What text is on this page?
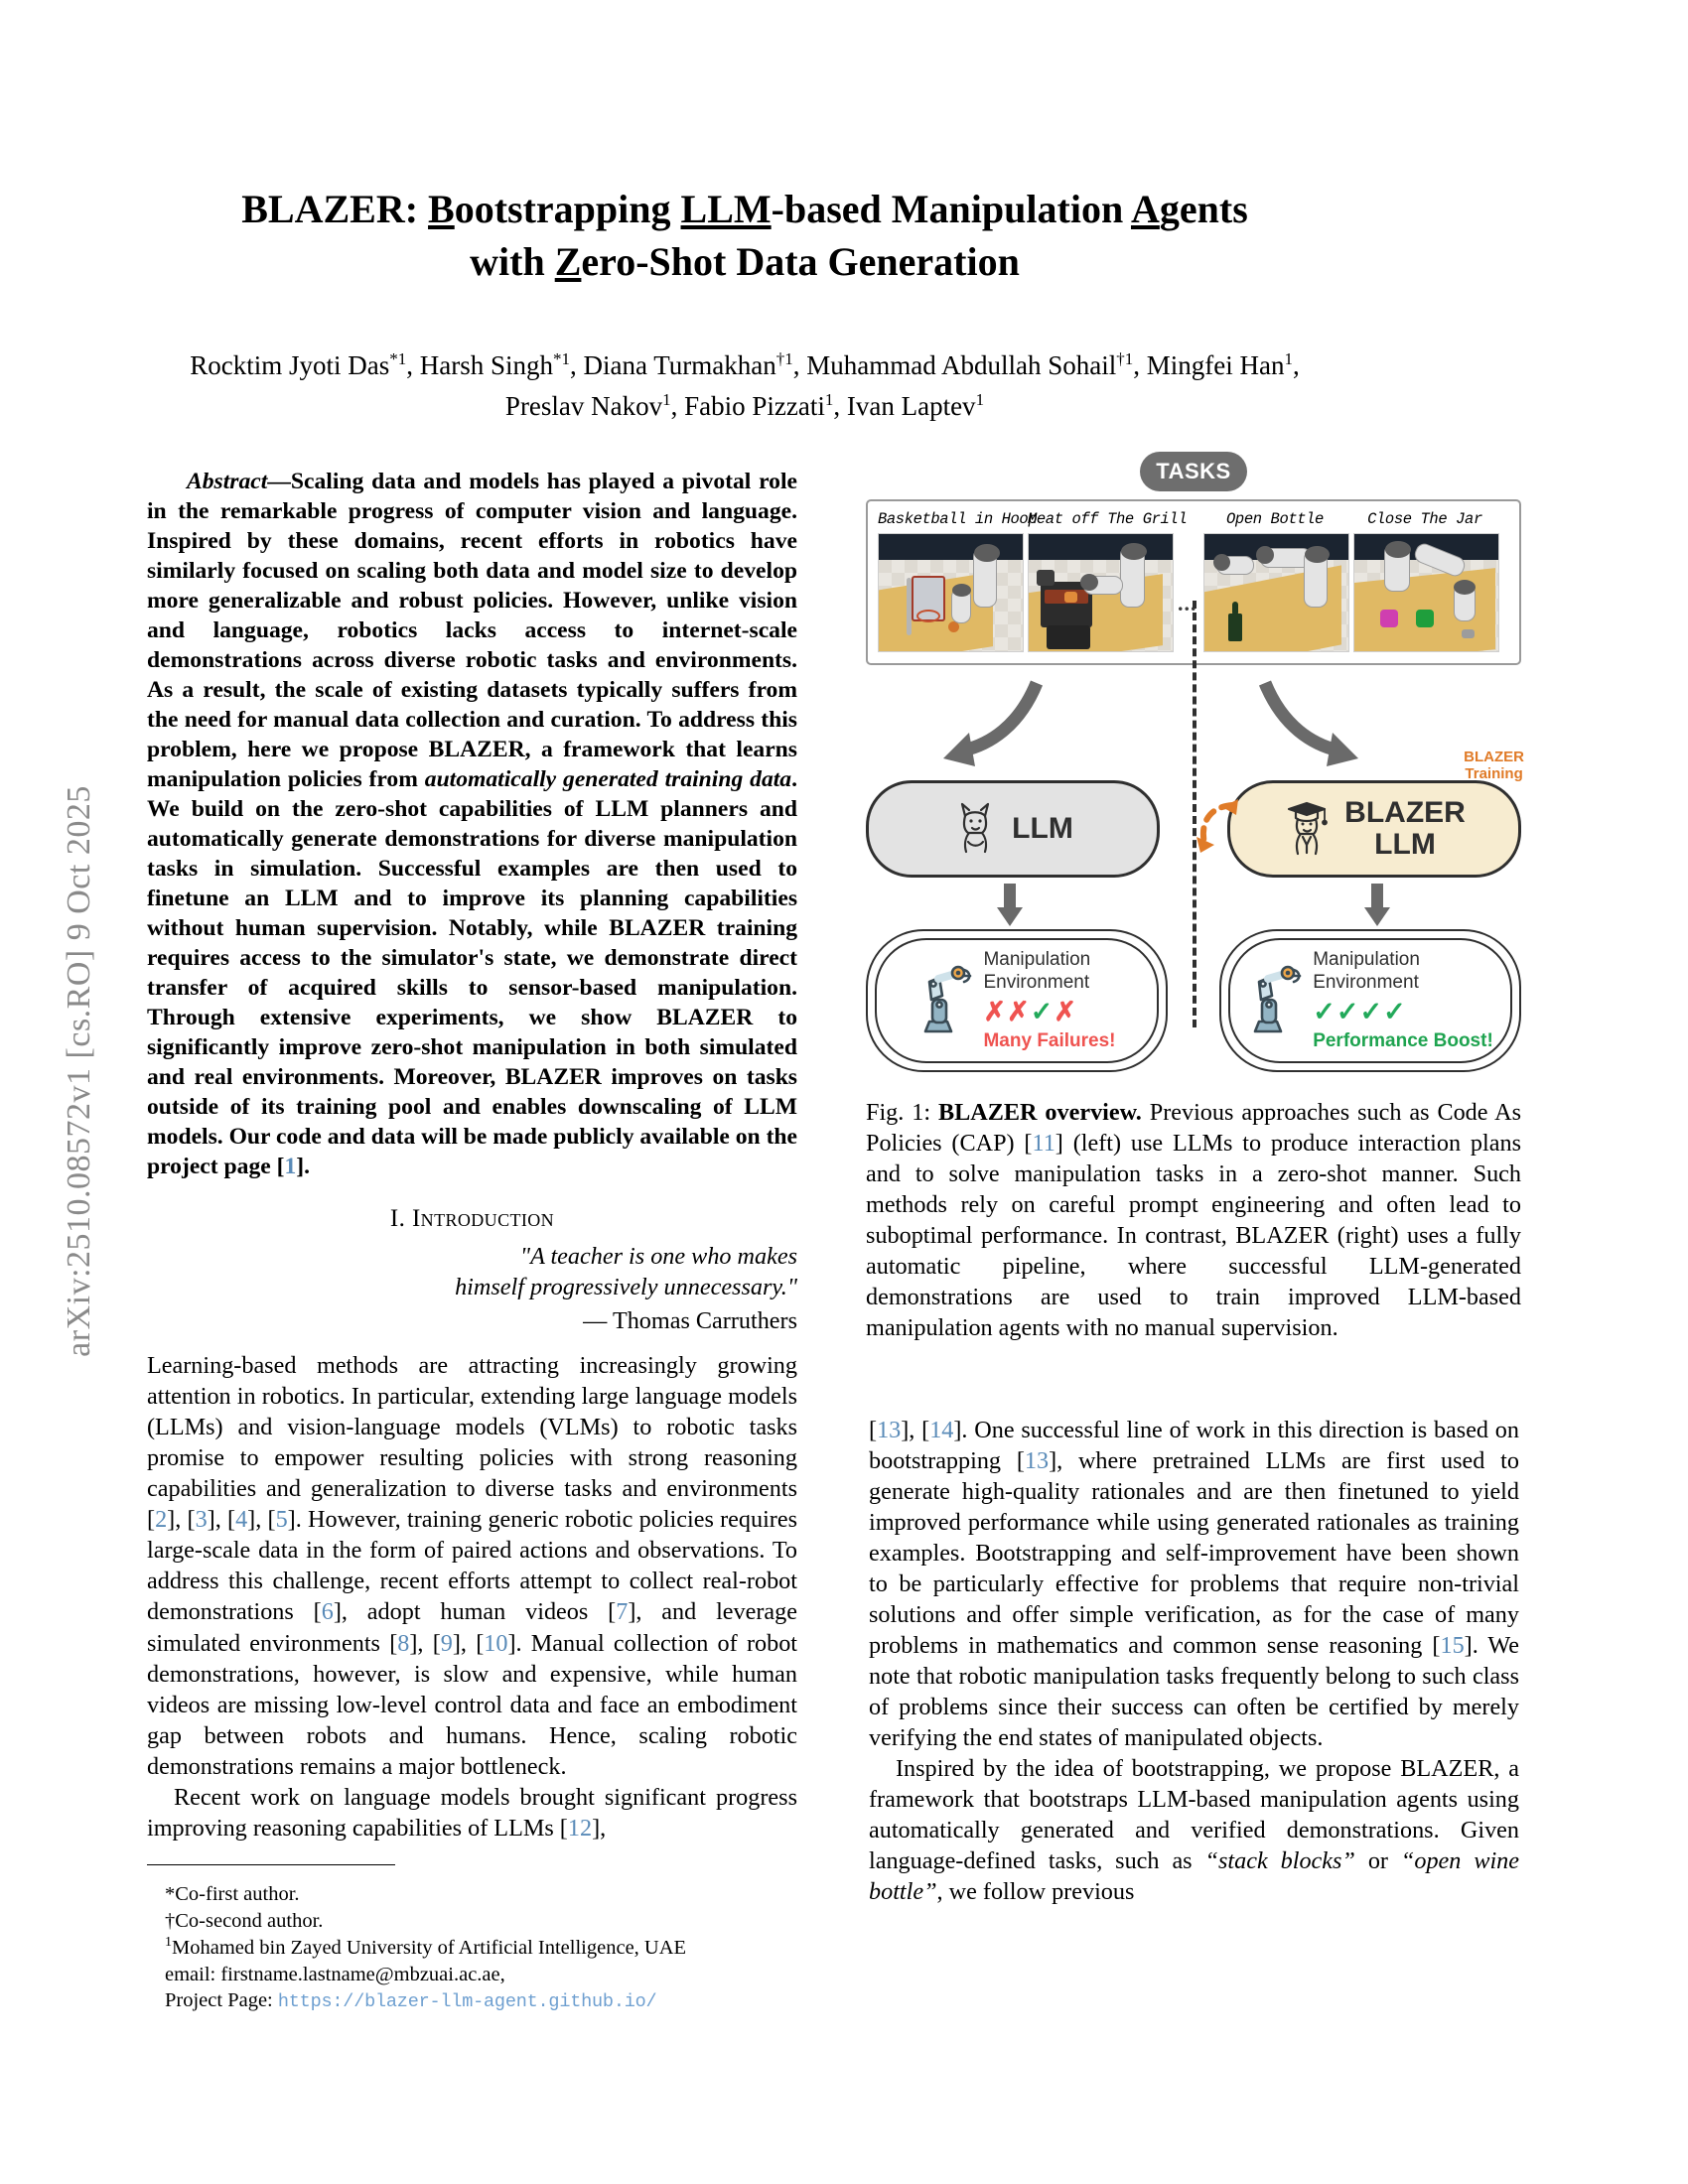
arXiv:2510.08572v1 [cs.RO] 9 Oct 2025
BLAZER: Bootstrapping LLM-based Manipulation Agents
with Zero-Shot Data Generation
Rocktim Jyoti Das$^{*1}$, Harsh Singh$^{*1}$, Diana Turmakhan$^{\dagger 1}$, Muhammad Abdullah Sohail$^{\dagger 1}$, Mingfei Han$^1$,
Preslav Nakov$^1$, Fabio Pizzati$^1$, Ivan Laptev$^1$

Abstract—Scaling data and models has played a pivotal role in the remarkable progress of computer vision and language. Inspired by these domains, recent efforts in robotics have similarly focused on scaling both data and model size to develop more generalizable and robust policies. However, unlike vision and language, robotics lacks access to internet-scale demonstrations across diverse robotic tasks and environments. As a result, the scale of existing datasets typically suffers from the need for manual data collection and curation. To address this problem, here we propose BLAZER, a framework that learns manipulation policies from automatically generated training data. We build on the zero-shot capabilities of LLM planners and automatically generate demonstrations for diverse manipulation tasks in simulation. Successful examples are then used to finetune an LLM and to improve its planning capabilities without human supervision. Notably, while BLAZER training requires access to the simulator's state, we demonstrate direct transfer of acquired skills to sensor-based manipulation. Through extensive experiments, we show BLAZER to significantly improve zero-shot manipulation in both simulated and real environments. Moreover, BLAZER improves on tasks outside of its training pool and enables downscaling of LLM models. Our code and data will be made publicly available on the project page [1].

I. Introduction
"A teacher is one who makes
himself progressively unnecessary."
— Thomas Carruthers

Learning-based methods are attracting increasingly growing attention in robotics. In particular, extending large language models (LLMs) and vision-language models (VLMs) to robotic tasks promise to empower resulting policies with strong reasoning capabilities and generalization to diverse tasks and environments [2], [3], [4], [5]. However, training generic robotic policies requires large-scale data in the form of paired actions and observations. To address this challenge, recent efforts attempt to collect real-robot demonstrations [6], adopt human videos [7], and leverage simulated environments [8], [9], [10]. Manual collection of robot demonstrations, however, is slow and expensive, while human videos are missing low-level control data and face an embodiment gap between robots and humans. Hence, scaling robotic demonstrations remains a major bottleneck.

Recent work on language models brought significant progress improving reasoning capabilities of LLMs [12],

*Co-first author.

†Co-second author.

$^1$Mohamed bin Zayed University of Artificial Intelligence, UAE

email: firstname.lastname@mbzuai.ac.ae,

Project Page: https://blazer-llm-agent.github.io/

TASKS
Basketball in Hoop
Meat off The Grill
...
Open Bottle	Close The Jar
LLM	BLAZER
LLM
BLAZER
Training
Manipulation
Environment
✗✗✓✗
Many Failures!
Manipulation
Environment
✓✓✓✓
Performance Boost!

Fig. 1: BLAZER overview. Previous approaches such as Code As Policies (CAP) [11] (left) use LLMs to produce interaction plans and to solve manipulation tasks in a zero-shot manner. Such methods rely on careful prompt engineering and often lead to suboptimal performance. In contrast, BLAZER (right) uses a fully automatic pipeline, where successful LLM-generated demonstrations are used to train improved LLM-based manipulation agents with no manual supervision.

[13], [14]. One successful line of work in this direction is based on bootstrapping [13], where pretrained LLMs are first used to generate high-quality rationales and are then finetuned to yield improved performance while using generated rationales as training examples. Bootstrapping and self-improvement have been shown to be particularly effective for problems that require non-trivial solutions and offer simple verification, as for the case of many problems in mathematics and common sense reasoning [15]. We note that robotic manipulation tasks frequently belong to such class of problems since their success can often be certified by merely verifying the end states of manipulated objects.

Inspired by the idea of bootstrapping, we propose BLAZER, a framework that bootstraps LLM-based manipulation agents using automatically generated and verified demonstrations. Given language-defined tasks, such as “stack blocks” or “open wine bottle”, we follow previous
